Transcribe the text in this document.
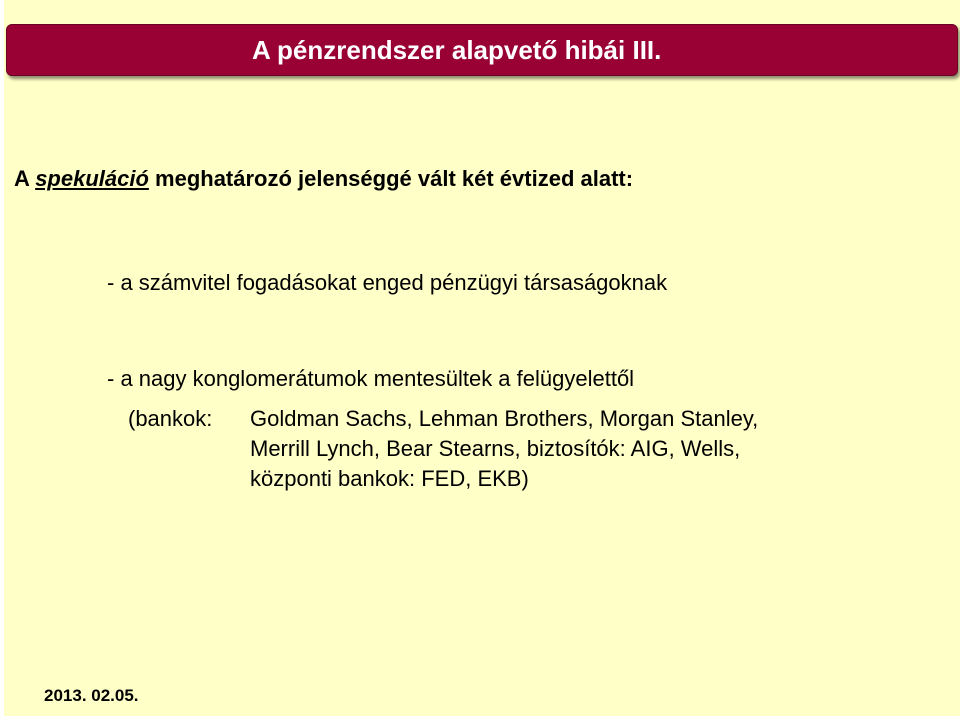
A pénzrendszer alapvető hibái III.
A spekuláció meghatározó jelenséggé vált két évtized alatt:
- a számvitel fogadásokat enged pénzügyi társaságoknak
- a nagy konglomerátumok mentesültek a felügyelettől
(bankok: Goldman Sachs, Lehman Brothers, Morgan Stanley,
Merrill Lynch, Bear Stearns, biztosítók: AIG, Wells,
központi bankok: FED, EKB)
2013. 02.05.
